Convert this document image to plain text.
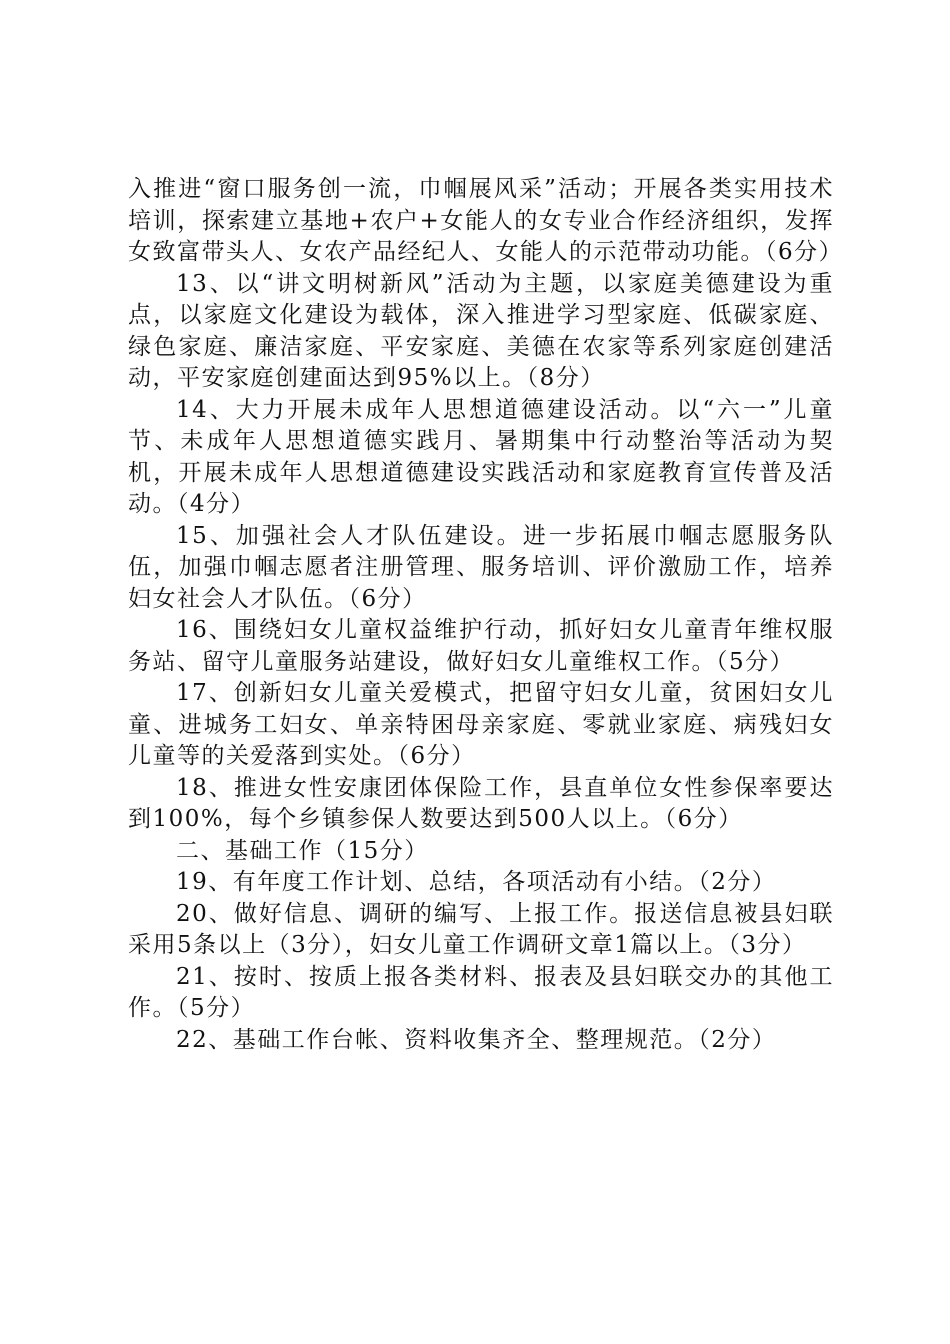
入推进“窗口服务创一流，巾帼展风采”活动；开展各类实用技术培训，探索建立基地+农户+女能人的女专业合作经济组织，发挥女致富带头人、女农产品经纪人、女能人的示范带动功能。（6分）

13、以“讲文明树新风”活动为主题，以家庭美德建设为重点，以家庭文化建设为载体，深入推进学习型家庭、低碳家庭、绿色家庭、廉洁家庭、平安家庭、美德在农家等系列家庭创建活动，平安家庭创建面达到95%以上。（8分）

14、大力开展未成年人思想道德建设活动。以“六一”儿童节、未成年人思想道德实践月、暑期集中行动整治等活动为契机，开展未成年人思想道德建设实践活动和家庭教育宣传普及活动。（4分）

15、加强社会人才队伍建设。进一步拓展巾帼志愿服务队伍，加强巾帼志愿者注册管理、服务培训、评价激励工作，培养妇女社会人才队伍。（6分）

16、围绕妇女儿童权益维护行动，抓好妇女儿童青年维权服务站、留守儿童服务站建设，做好妇女儿童维权工作。（5分）

17、创新妇女儿童关爱模式，把留守妇女儿童，贫困妇女儿童、进城务工妇女、单亲特困母亲家庭、零就业家庭、病残妇女儿童等的关爱落到实处。（6分）

18、推进女性安康团体保险工作，县直单位女性参保率要达到100%，每个乡镇参保人数要达到500人以上。（6分）

二、基础工作（15分）

19、有年度工作计划、总结，各项活动有小结。（2分）

20、做好信息、调研的编写、上报工作。报送信息被县妇联采用5条以上（3分），妇女儿童工作调研文章1篇以上。（3分）

21、按时、按质上报各类材料、报表及县妇联交办的其他工作。（5分）

22、基础工作台帐、资料收集齐全、整理规范。（2分）
